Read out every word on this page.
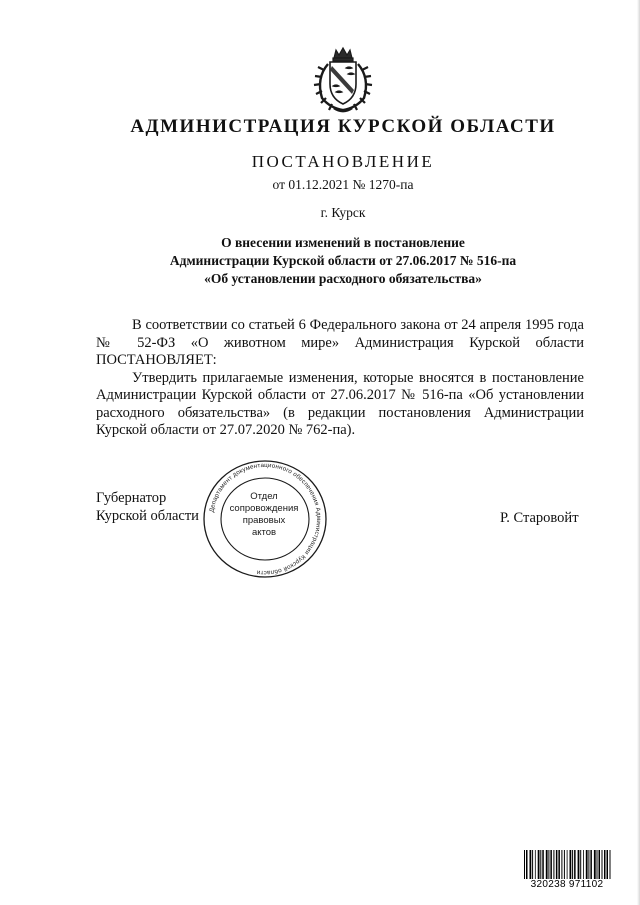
АДМИНИСТРАЦИЯ КУРСКОЙ ОБЛАСТИ
ПОСТАНОВЛЕНИЕ
от 01.12.2021 № 1270-па
г. Курск
О внесении изменений в постановление
Администрации Курской области от 27.06.2017 № 516-па
«Об установлении расходного обязательства»

В соответствии со статьей 6 Федерального закона от 24 апреля 1995 года № 52-ФЗ «О животном мире» Администрация Курской области ПОСТАНОВЛЯЕТ:

Утвердить прилагаемые изменения, которые вносятся в постановление Администрации Курской области от 27.06.2017 № 516-па «Об установлении расходного обязательства» (в редакции постановления Администрации Курской области от 27.07.2020 № 762-па).

Губернатор
Курской области	Р. Старовойт
Департамент документационного обеспечения Администрации Курской области
Отдел
сопровождения
правовых
актов
320238 971102
